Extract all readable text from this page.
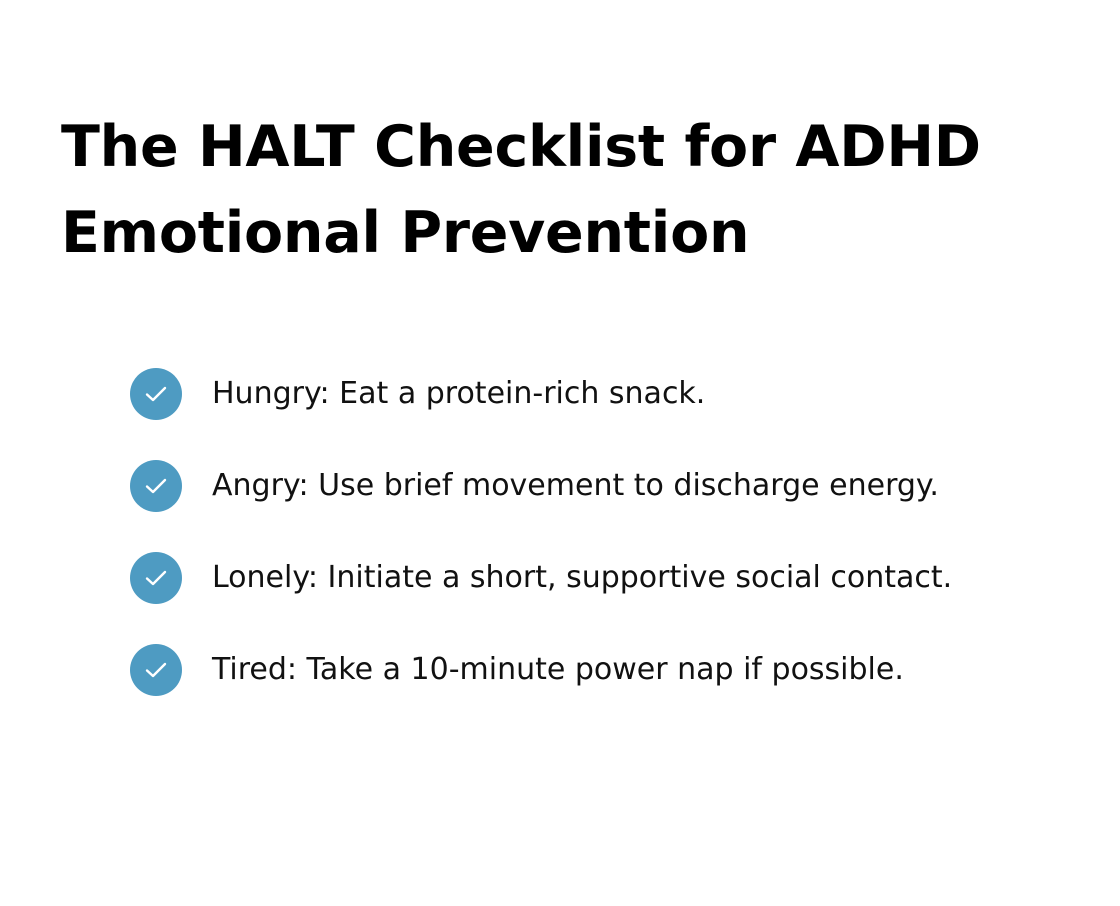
The HALT Checklist for ADHD
Emotional Prevention
Hungry: Eat a protein-rich snack.
Angry: Use brief movement to discharge energy.
Lonely: Initiate a short, supportive social contact.
Tired: Take a 10-minute power nap if possible.
